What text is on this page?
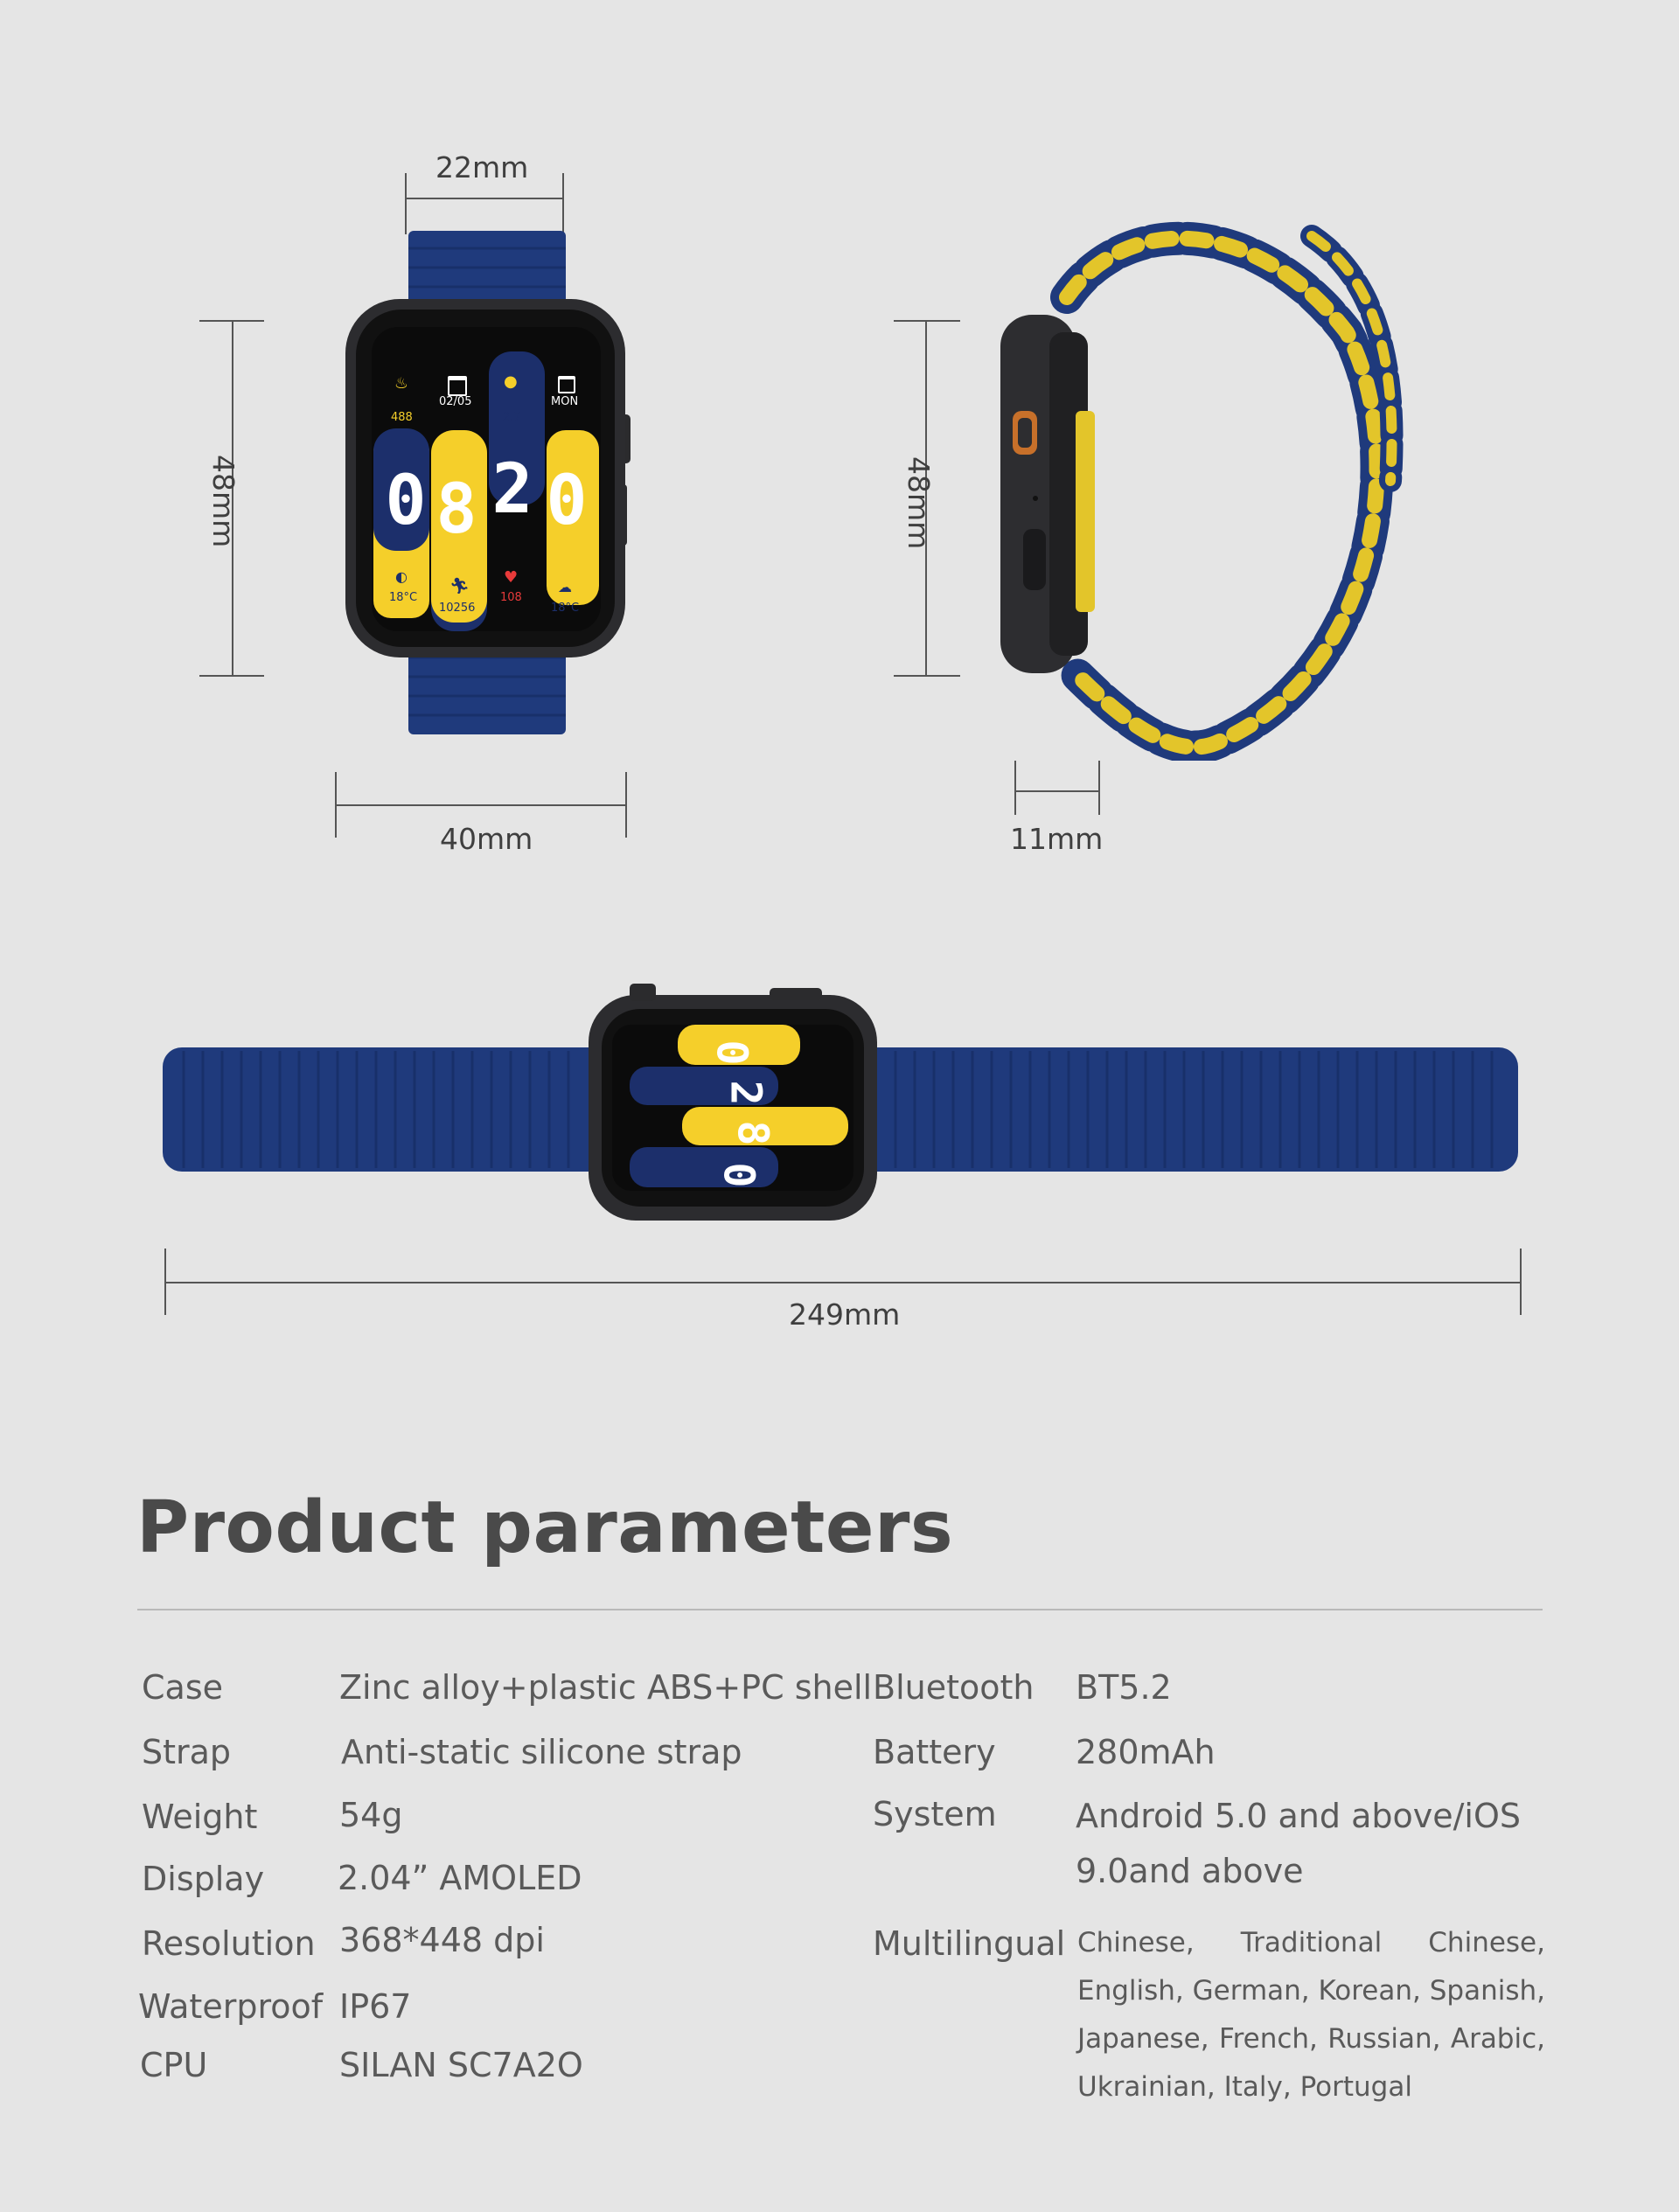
22mm
48mm
40mm
♨
488
02/05
●
2.7
MON
0 8 2 0
◐
18°C
🏃︎
10256
♥
108
☁
18°C
48mm
11mm
0
2
8
0
249mm
Product parameters
Case	Zinc alloy+plastic ABS+PC shell
Strap	Anti-static silicone strap
Weight 54g
Display 2.04” AMOLED
Resolution 368*448 dpi
Waterproof IP67
CPU	SILAN SC7A2O
Bluetooth BT5.2
Battery 280mAh
System Android 5.0 and above/iOS 9.0and above
Multilingual Chinese, Traditional Chinese, English, German, Korean, Spanish, Japanese, French, Russian, Arabic, Ukrainian, Italy, Portugal
